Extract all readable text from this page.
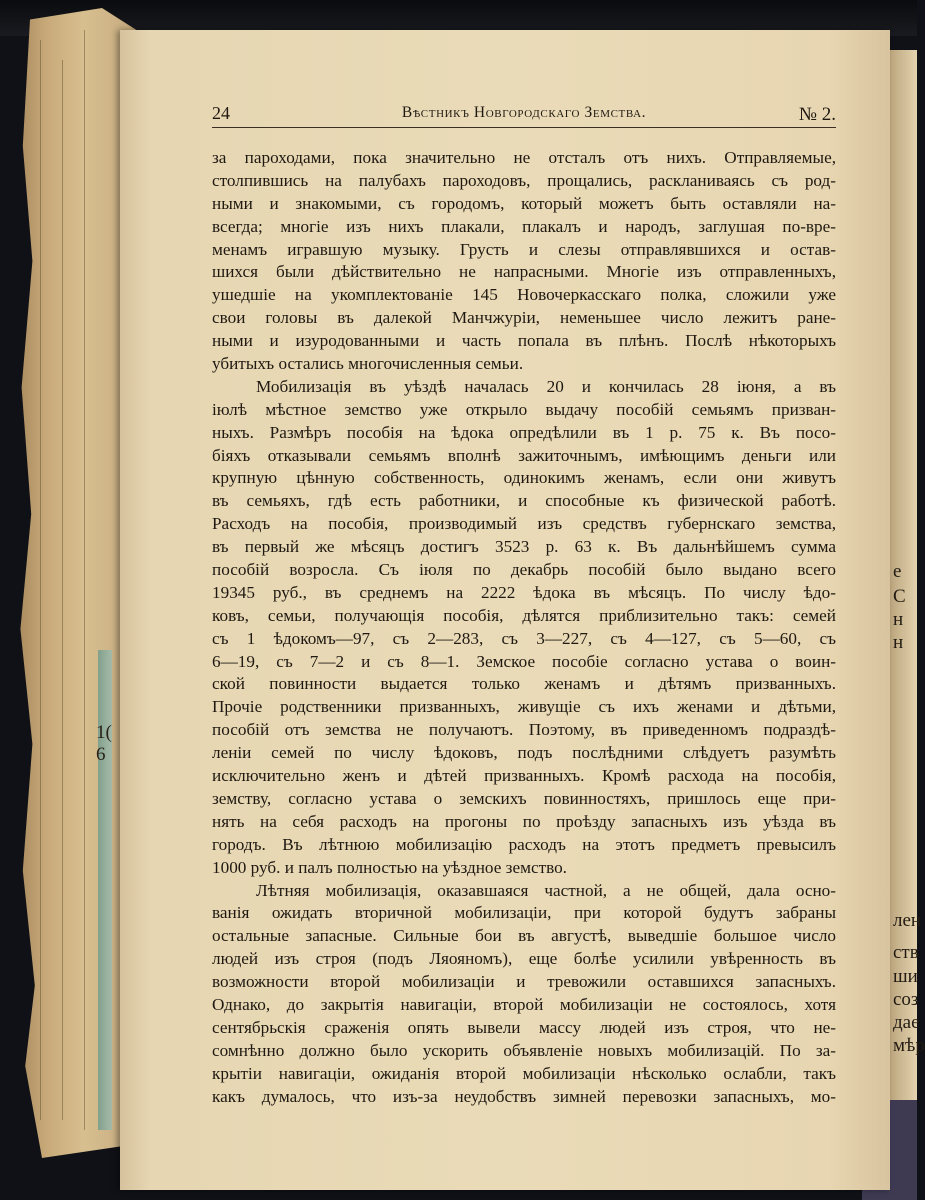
1(
6
е
С
н
н
лен
ств
ши
соз
даe
мѣр
24	Вѣстникъ Новгородскаго Земства.	№ 2.
за пароходами, пока значительно не отсталъ отъ нихъ. Отправляемые,
столпившись на палубахъ пароходовъ, прощались, раскланиваясь съ род-
ными и знакомыми, съ городомъ, который можетъ быть оставляли на-
всегда; многіе изъ нихъ плакали, плакалъ и народъ, заглушая по-вре-
менамъ игравшую музыку. Грусть и слезы отправлявшихся и остав-
шихся были дѣйствительно не напрасными. Многіе изъ отправленныхъ,
ушедшіе на укомплектованіе 145 Новочеркасскаго полка, сложили уже
свои головы въ далекой Манчжуріи, неменьшее число лежитъ ране-
ными и изуродованными и часть попала въ плѣнъ. Послѣ нѣкоторыхъ
убитыхъ остались многочисленныя семьи.
Мобилизація въ уѣздѣ началась 20 и кончилась 28 іюня, а въ
іюлѣ мѣстное земство уже открыло выдачу пособій семьямъ призван-
ныхъ. Размѣръ пособія на ѣдока опредѣлили въ 1 р. 75 к. Въ посо-
біяхъ отказывали семьямъ вполнѣ зажиточнымъ, имѣющимъ деньги или
крупную цѣнную собственность, одинокимъ женамъ, если они живутъ
въ семьяхъ, гдѣ есть работники, и способные къ физической работѣ.
Расходъ на пособія, производимый изъ средствъ губернскаго земства,
въ первый же мѣсяцъ достигъ 3523 р. 63 к. Въ дальнѣйшемъ сумма
пособій возросла. Съ іюля по декабрь пособій было выдано всего
19345 руб., въ среднемъ на 2222 ѣдока въ мѣсяцъ. По числу ѣдо-
ковъ, семьи, получающія пособія, дѣлятся приблизительно такъ: семей
съ 1 ѣдокомъ—97, съ 2—283, съ 3—227, съ 4—127, съ 5—60, съ
6—19, съ 7—2 и съ 8—1. Земское пособіе согласно устава о воин-
ской повинности выдается только женамъ и дѣтямъ призванныхъ.
Прочіе родственники призванныхъ, живущіе съ ихъ женами и дѣтьми,
пособій отъ земства не получаютъ. Поэтому, въ приведенномъ подраздѣ-
леніи семей по числу ѣдоковъ, подъ послѣдними слѣдуетъ разумѣть
исключительно женъ и дѣтей призванныхъ. Кромѣ расхода на пособія,
земству, согласно устава о земскихъ повинностяхъ, пришлось еще при-
нять на себя расходъ на прогоны по проѣзду запасныхъ изъ уѣзда въ
городъ. Въ лѣтнюю мобилизацію расходъ на этотъ предметъ превысилъ
1000 руб. и палъ полностью на уѣздное земство.
Лѣтняя мобилизація, оказавшаяся частной, а не общей, дала осно-
ванія ожидать вторичной мобилизаціи, при которой будутъ забраны
остальные запасные. Сильные бои въ августѣ, выведшіе большое число
людей изъ строя (подъ Ляояномъ), еще болѣе усилили увѣренность въ
возможности второй мобилизаціи и тревожили оставшихся запасныхъ.
Однако, до закрытія навигаціи, второй мобилизаціи не состоялось, хотя
сентябрьскія сраженія опять вывели массу людей изъ строя, что не-
сомнѣнно должно было ускорить объявленіе новыхъ мобилизацій. По за-
крытіи навигаціи, ожиданія второй мобилизаціи нѣсколько ослабли, такъ
какъ думалось, что изъ-за неудобствъ зимней перевозки запасныхъ, мо-
